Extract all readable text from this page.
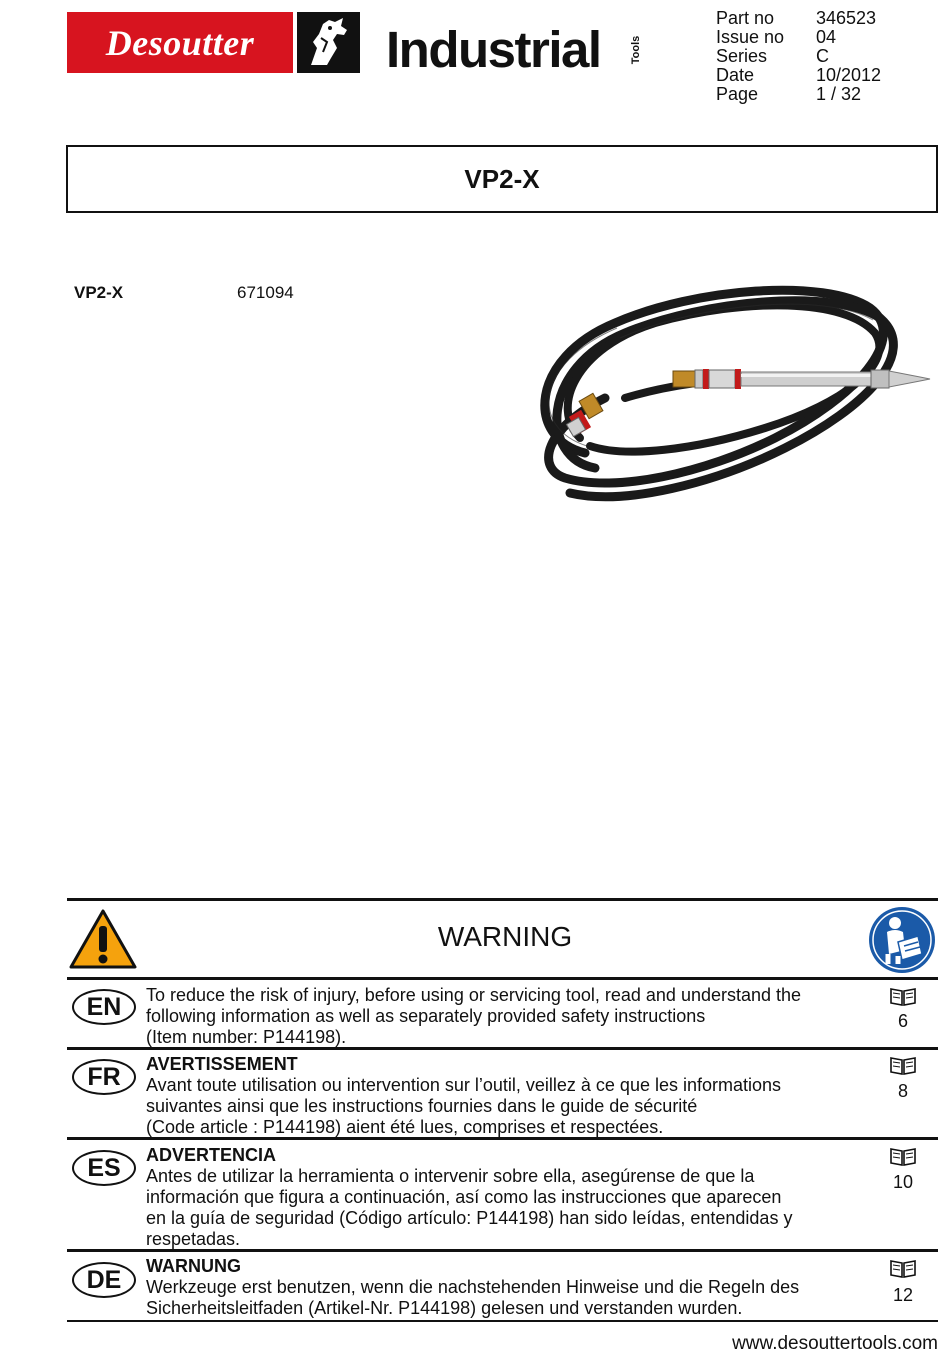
Desoutter	Industrial	Tools
Part no	346523
Issue no	04
Series	C
Date	10/2012
Page	1 / 32
VP2-X
VP2-X	671094
WARNING
EN	To reduce the risk of injury, before using or servicing tool, read and understand the
following information as well as separately provided safety instructions
(Item number: P144198).
6
FR	AVERTISSEMENT
Avant toute utilisation ou intervention sur l’outil, veillez à ce que les informations
suivantes ainsi que les instructions fournies dans le guide de sécurité
(Code article : P144198) aient été lues, comprises et respectées.
8
ES	ADVERTENCIA
Antes de utilizar la herramienta o intervenir sobre ella, asegúrense de que la
información que figura a continuación, así como las instrucciones que aparecen
en la guía de seguridad (Código artículo: P144198) han sido leídas, entendidas y
respetadas.
10
DE	WARNUNG
Werkzeuge erst benutzen, wenn die nachstehenden Hinweise und die Regeln des
Sicherheitsleitfaden (Artikel-Nr. P144198) gelesen und verstanden wurden.
12
www.desouttertools.com
